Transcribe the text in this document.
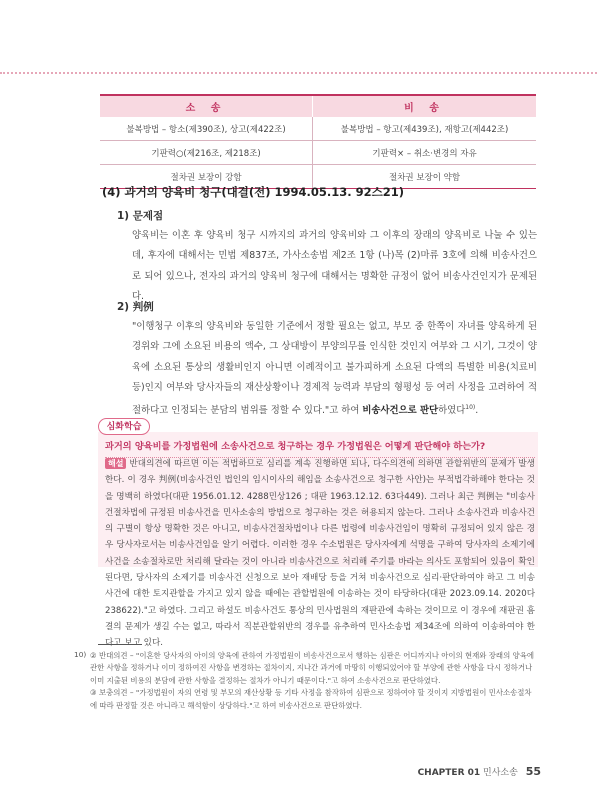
소 송	비 송
불복방법 – 항소(제390조), 상고(제422조)	불복방법 – 항고(제439조), 재항고(제442조)
기판력○(제216조, 제218조)	기판력× – 취소·변경의 자유
절차권 보장이 강함	절차권 보장이 약함
(4) 과거의 양육비 청구(대결(전) 1994.05.13. 92스21)
1) 문제점
양육비는 이혼 후 양육비 청구 시까지의 과거의 양육비와 그 이후의 장래의 양육비로 나눌 수 있는데, 후자에 대해서는 민법 제837조, 가사소송법 제2조 1항 (나)목 (2)마류 3호에 의해 비송사건으로 되어 있으나, 전자의 과거의 양육비 청구에 대해서는 명확한 규정이 없어 비송사건인지가 문제된다.
2) 判例
"이행청구 이후의 양육비와 동일한 기준에서 정할 필요는 없고, 부모 중 한쪽이 자녀를 양육하게 된 경위와 그에 소요된 비용의 액수, 그 상대방이 부양의무를 인식한 것인지 여부와 그 시기, 그것이 양육에 소요된 통상의 생활비인지 아니면 이례적이고 불가피하게 소요된 다액의 특별한 비용(치료비등)인지 여부와 당사자들의 재산상황이나 경제적 능력과 부담의 형평성 등 여러 사정을 고려하여 적절하다고 인정되는 분담의 범위를 정할 수 있다."고 하여 비송사건으로 판단하였다$^{10)}$.
심화학습
과거의 양육비를 가정법원에 소송사건으로 청구하는 경우 가정법원은 어떻게 판단해야 하는가?
해설 반대의견에 따르면 이는 적법하므로 심리를 계속 진행하면 되나, 다수의견에 의하면 관할위반의 문제가 발생한다. 이 경우 判例(비송사건인 법인의 임시이사의 해임을 소송사건으로 청구한 사안)는 부적법각하해야 한다는 것을 명백히 하였다(대판 1956.01.12. 4288민상126 ; 대판 1963.12.12. 63다449). 그러나 최근 判例는 "비송사건절차법에 규정된 비송사건을 민사소송의 방법으로 청구하는 것은 허용되지 않는다. 그러나 소송사건과 비송사건의 구별이 항상 명확한 것은 아니고, 비송사건절차법이나 다른 법령에 비송사건임이 명확히 규정되어 있지 않은 경우 당사자로서는 비송사건임을 알기 어렵다. 이러한 경우 수소법원은 당사자에게 석명을 구하여 당사자의 소제기에 사건을 소송절차로만 처리해 달라는 것이 아니라 비송사건으로 처리해 주기를 바라는 의사도 포함되어 있음이 확인된다면, 당사자의 소제기를 비송사건 신청으로 보아 재배당 등을 거쳐 비송사건으로 심리·판단하여야 하고 그 비송사건에 대한 토지관할을 가지고 있지 않을 때에는 관할법원에 이송하는 것이 타당하다(대판 2023.09.14. 2020다238622)."고 하였다. 그리고 하설도 비송사건도 통상의 민사법원의 재판관에 속하는 것이므로 이 경우에 재판권 흠결의 문제가 생길 수는 없고, 따라서 직분관할위반의 경우를 유추하여 민사소송법 제34조에 의하여 이송하여야 한다고 보고 있다.
10) ② 반대의견 – "이혼한 당사자의 아이의 양육에 관하여 가정법원이 비송사건으로서 행하는 심판은 어디까지나 아이의 현재와 장래의 양육에 관한 사항을 정하거나 이미 정하여진 사항을 변경하는 절차이지, 지나간 과거에 마땅히 이행되었어야 할 부양에 관한 사항을 다시 정하거나 이미 지출된 비용의 분담에 관한 사항을 결정하는 절차가 아니기 때문이다."고 하여 소송사건으로 판단하였다.

③ 보충의견 – "가정법원이 자의 연령 및 부모의 재산상황 등 기타 사정을 참작하여 심판으로 정하여야 할 것이지 지방법원이 민사소송절차에 따라 판정할 것은 아니라고 해석함이 상당하다."고 하여 비송사건으로 판단하였다.

CHAPTER 01 민사소송 55
